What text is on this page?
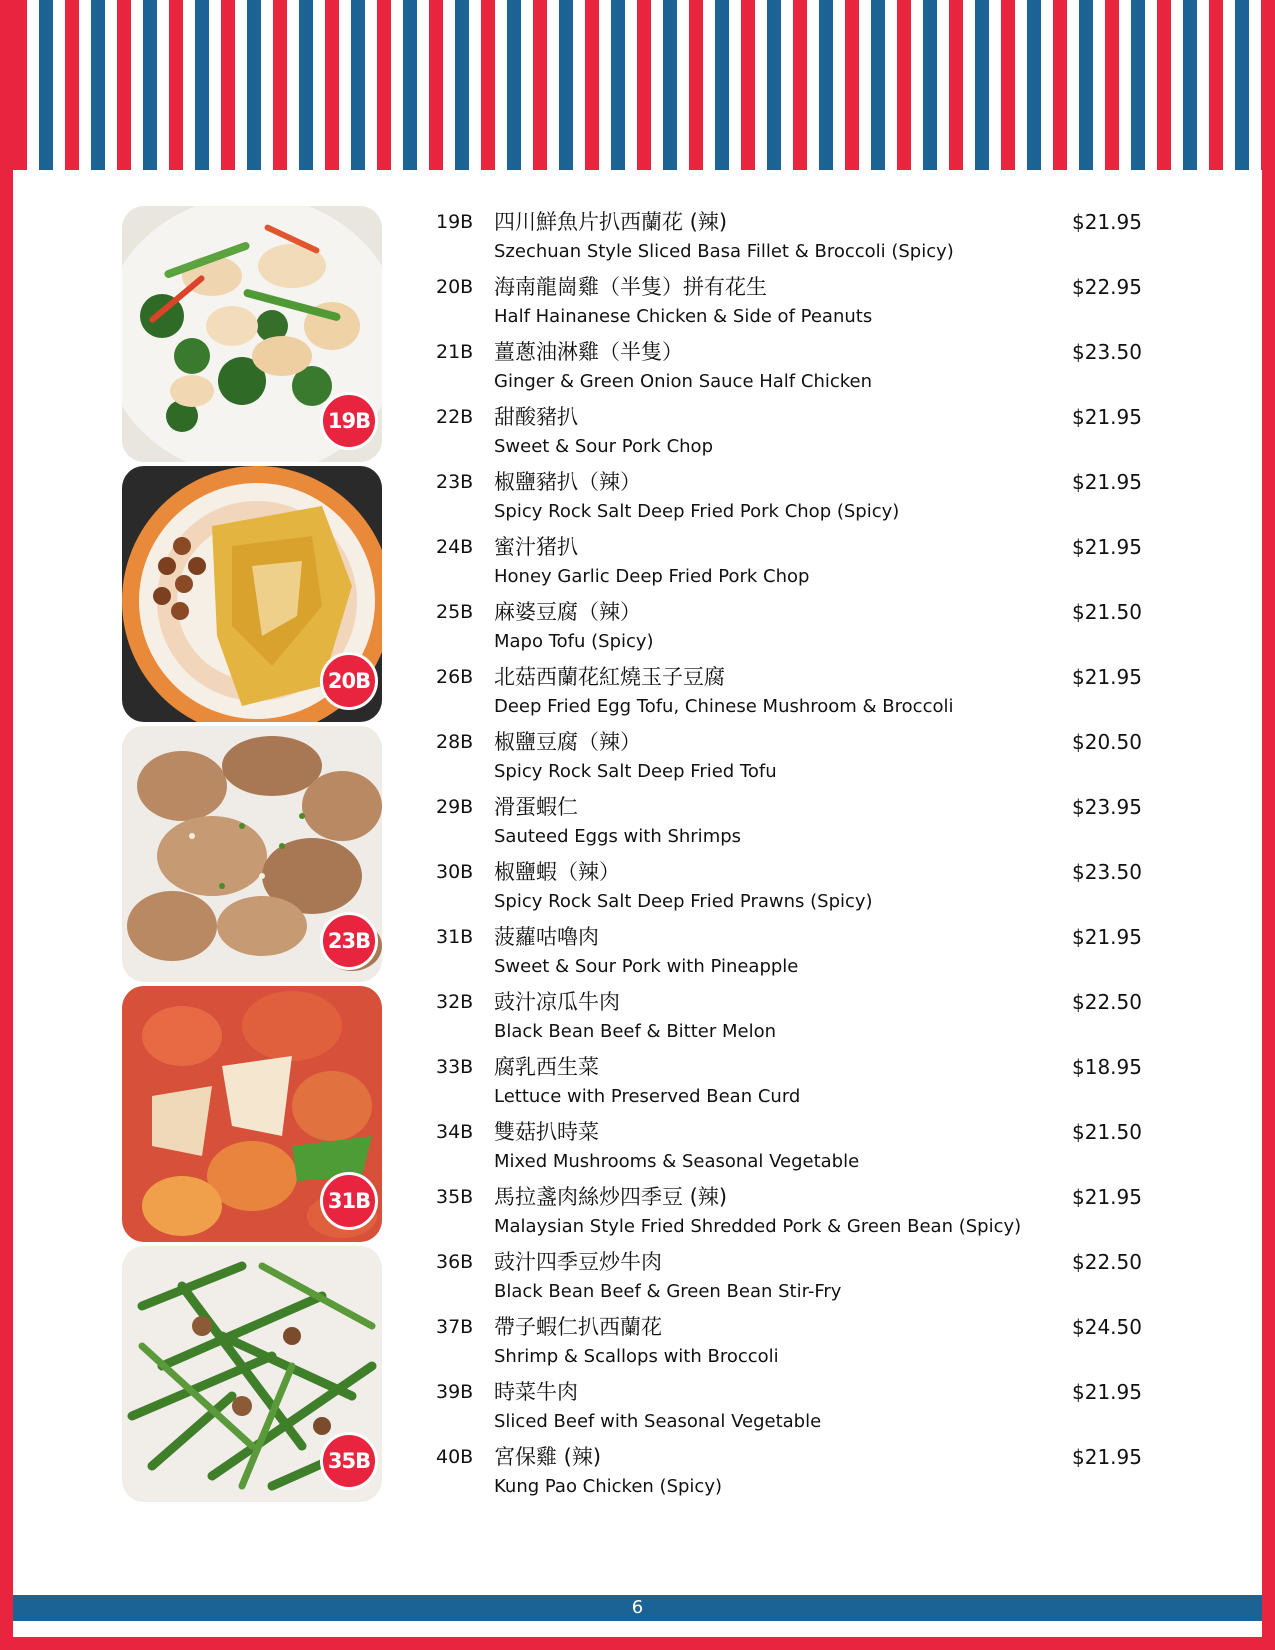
19B
20B
23B
31B
35B
19B 四川鮮魚片扒西蘭花 (辣)	$21.95
Szechuan Style Sliced Basa Fillet & Broccoli (Spicy)
20B 海南龍崗雞（半隻）拼有花生	$22.95
Half Hainanese Chicken & Side of Peanuts
21B 薑蔥油淋雞（半隻）	$23.50
Ginger & Green Onion Sauce Half Chicken
22B 甜酸豬扒	$21.95
Sweet & Sour Pork Chop
23B 椒鹽豬扒（辣）	$21.95
Spicy Rock Salt Deep Fried Pork Chop (Spicy)
24B 蜜汁猪扒	$21.95
Honey Garlic Deep Fried Pork Chop
25B 麻婆豆腐（辣）	$21.50
Mapo Tofu (Spicy)
26B 北菇西蘭花紅燒玉子豆腐	$21.95
Deep Fried Egg Tofu, Chinese Mushroom & Broccoli
28B 椒鹽豆腐（辣）	$20.50
Spicy Rock Salt Deep Fried Tofu
29B 滑蛋蝦仁	$23.95
Sauteed Eggs with Shrimps
30B 椒鹽蝦（辣）	$23.50
Spicy Rock Salt Deep Fried Prawns (Spicy)
31B 菠蘿咕嚕肉	$21.95
Sweet & Sour Pork with Pineapple
32B 豉汁凉瓜牛肉	$22.50
Black Bean Beef & Bitter Melon
33B 腐乳西生菜	$18.95
Lettuce with Preserved Bean Curd
34B 雙菇扒時菜	$21.50
Mixed Mushrooms & Seasonal Vegetable
35B 馬拉盞肉絲炒四季豆 (辣)	$21.95
Malaysian Style Fried Shredded Pork & Green Bean (Spicy)
36B 豉汁四季豆炒牛肉	$22.50
Black Bean Beef & Green Bean Stir-Fry
37B 帶子蝦仁扒西蘭花	$24.50
Shrimp & Scallops with Broccoli
39B 時菜牛肉	$21.95
Sliced Beef with Seasonal Vegetable
40B 宮保雞 (辣)	$21.95
Kung Pao Chicken (Spicy)
6
